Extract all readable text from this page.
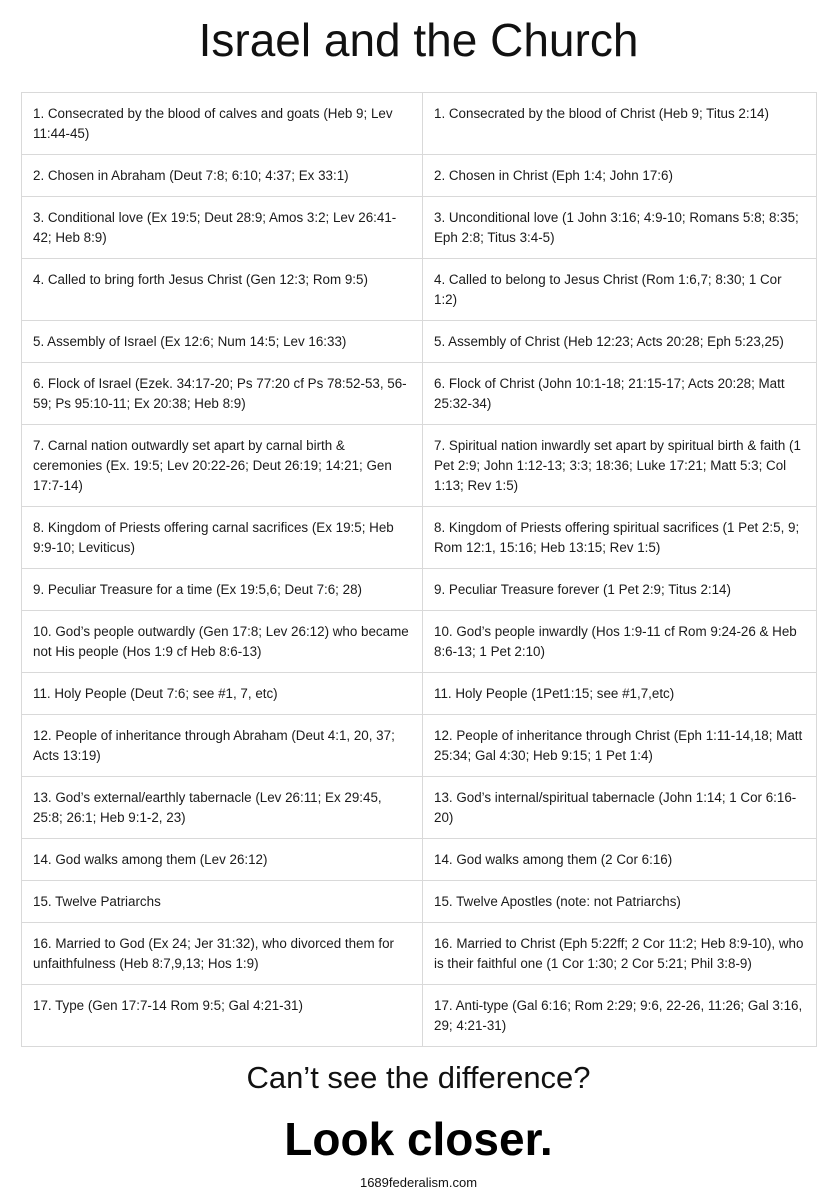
Israel and the Church
1. Consecrated by the blood of calves and goats (Heb 9; Lev 11:44-45)	1. Consecrated by the blood of Christ (Heb 9; Titus 2:14)
2. Chosen in Abraham (Deut 7:8; 6:10; 4:37; Ex 33:1)	2. Chosen in Christ (Eph 1:4; John 17:6)
3. Conditional love (Ex 19:5; Deut 28:9; Amos 3:2; Lev 26:41-42; Heb 8:9)	3. Unconditional love (1 John 3:16; 4:9-10; Romans 5:8; 8:35; Eph 2:8; Titus 3:4-5)
4. Called to bring forth Jesus Christ (Gen 12:3; Rom 9:5)	4. Called to belong to Jesus Christ (Rom 1:6,7; 8:30; 1 Cor 1:2)
5. Assembly of Israel (Ex 12:6; Num 14:5; Lev 16:33)	5. Assembly of Christ (Heb 12:23; Acts 20:28; Eph 5:23,25)
6. Flock of Israel (Ezek. 34:17-20; Ps 77:20 cf Ps 78:52-53, 56-59; Ps 95:10-11; Ex 20:38; Heb 8:9)	6. Flock of Christ (John 10:1-18; 21:15-17; Acts 20:28; Matt 25:32-34)
7. Carnal nation outwardly set apart by carnal birth & ceremonies (Ex. 19:5; Lev 20:22-26; Deut 26:19; 14:21; Gen 17:7-14)	7. Spiritual nation inwardly set apart by spiritual birth & faith (1 Pet 2:9; John 1:12-13; 3:3; 18:36; Luke 17:21; Matt 5:3; Col 1:13; Rev 1:5)
8. Kingdom of Priests offering carnal sacrifices (Ex 19:5; Heb 9:9-10; Leviticus)	8. Kingdom of Priests offering spiritual sacrifices (1 Pet 2:5, 9; Rom 12:1, 15:16; Heb 13:15; Rev 1:5)
9. Peculiar Treasure for a time (Ex 19:5,6; Deut 7:6; 28)	9. Peculiar Treasure forever (1 Pet 2:9; Titus 2:14)
10. God’s people outwardly (Gen 17:8; Lev 26:12) who became not His people (Hos 1:9 cf Heb 8:6-13)	10. God’s people inwardly (Hos 1:9-11 cf Rom 9:24-26 & Heb 8:6-13; 1 Pet 2:10)
11. Holy People (Deut 7:6; see #1, 7, etc)	11. Holy People (1Pet1:15; see #1,7,etc)
12. People of inheritance through Abraham (Deut 4:1, 20, 37; Acts 13:19)	12. People of inheritance through Christ (Eph 1:11-14,18; Matt 25:34; Gal 4:30; Heb 9:15; 1 Pet 1:4)
13. God’s external/earthly tabernacle (Lev 26:11; Ex 29:45, 25:8; 26:1; Heb 9:1-2, 23)	13. God’s internal/spiritual tabernacle (John 1:14; 1 Cor 6:16-20)
14. God walks among them (Lev 26:12)	14. God walks among them (2 Cor 6:16)
15. Twelve Patriarchs	15. Twelve Apostles (note: not Patriarchs)
16. Married to God (Ex 24; Jer 31:32), who divorced them for unfaithfulness (Heb 8:7,9,13; Hos 1:9)	16. Married to Christ (Eph 5:22ff; 2 Cor 11:2; Heb 8:9-10), who is their faithful one (1 Cor 1:30; 2 Cor 5:21; Phil 3:8-9)
17. Type (Gen 17:7-14 Rom 9:5; Gal 4:21-31)	17. Anti-type (Gal 6:16; Rom 2:29; 9:6, 22-26, 11:26; Gal 3:16, 29; 4:21-31)
Can’t see the difference?
Look closer.
1689federalism.com
